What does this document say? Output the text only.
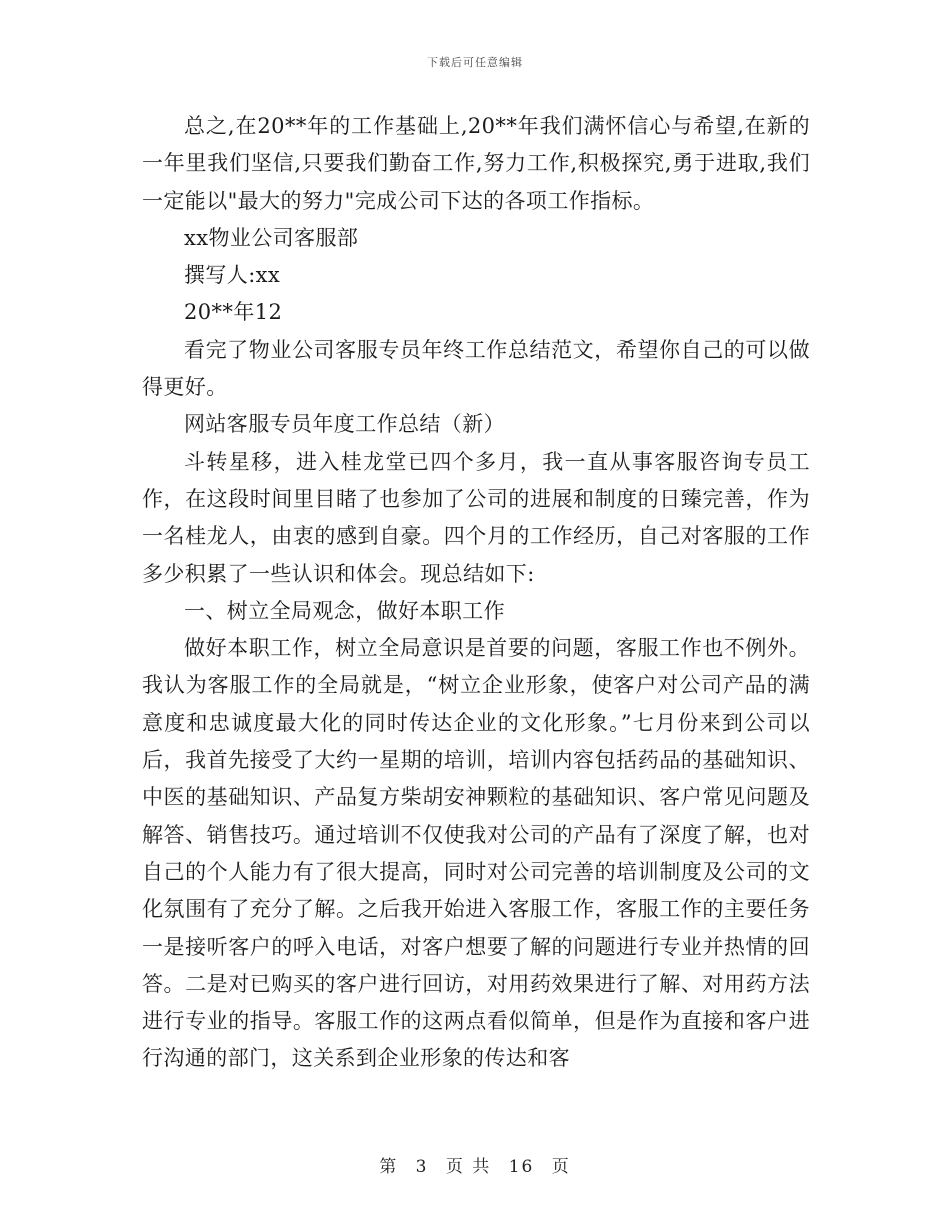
下载后可任意编辑

总之,在20**年的工作基础上,20**年我们满怀信心与希望,在新的一年里我们坚信,只要我们勤奋工作,努力工作,积极探究,勇于进取,我们一定能以"最大的努力"完成公司下达的各项工作指标。

xx物业公司客服部

撰写人:xx

20**年12

看完了物业公司客服专员年终工作总结范文，希望你自己的可以做得更好。

网站客服专员年度工作总结（新）

斗转星移，进入桂龙堂已四个多月，我一直从事客服咨询专员工作，在这段时间里目睹了也参加了公司的进展和制度的日臻完善，作为一名桂龙人，由衷的感到自豪。四个月的工作经历，自己对客服的工作多少积累了一些认识和体会。现总结如下:

一、树立全局观念，做好本职工作

做好本职工作，树立全局意识是首要的问题，客服工作也不例外。我认为客服工作的全局就是，“树立企业形象，使客户对公司产品的满意度和忠诚度最大化的同时传达企业的文化形象。”七月份来到公司以后，我首先接受了大约一星期的培训，培训内容包括药品的基础知识、中医的基础知识、产品复方柴胡安神颗粒的基础知识、客户常见问题及解答、销售技巧。通过培训不仅使我对公司的产品有了深度了解，也对自己的个人能力有了很大提高，同时对公司完善的培训制度及公司的文化氛围有了充分了解。之后我开始进入客服工作，客服工作的主要任务一是接听客户的呼入电话，对客户想要了解的问题进行专业并热情的回答。二是对已购买的客户进行回访，对用药效果进行了解、对用药方法进行专业的指导。客服工作的这两点看似简单，但是作为直接和客户进行沟通的部门，这关系到企业形象的传达和客

第 3 页 共 16 页
